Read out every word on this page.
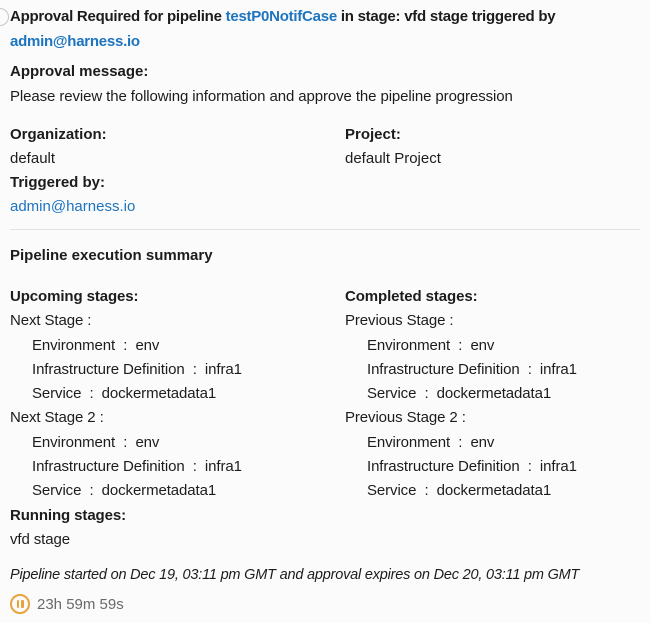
Approval Required for pipeline testP0NotifCase in stage: vfd stage triggered by
admin@harness.io
Approval message:
Please review the following information and approve the pipeline progression
Organization:
default
Triggered by:
admin@harness.io
Project:
default Project
Pipeline execution summary
Upcoming stages:
Next Stage :
Environment  :  env
Infrastructure Definition  :  infra1
Service  :  dockermetadata1
Next Stage 2 :
Environment  :  env
Infrastructure Definition  :  infra1
Service  :  dockermetadata1
Running stages:
vfd stage
Completed stages:
Previous Stage :
Environment  :  env
Infrastructure Definition  :  infra1
Service  :  dockermetadata1
Previous Stage 2 :
Environment  :  env
Infrastructure Definition  :  infra1
Service  :  dockermetadata1
Pipeline started on Dec 19, 03:11 pm GMT and approval expires on Dec 20, 03:11 pm GMT
23h 59m 59s
